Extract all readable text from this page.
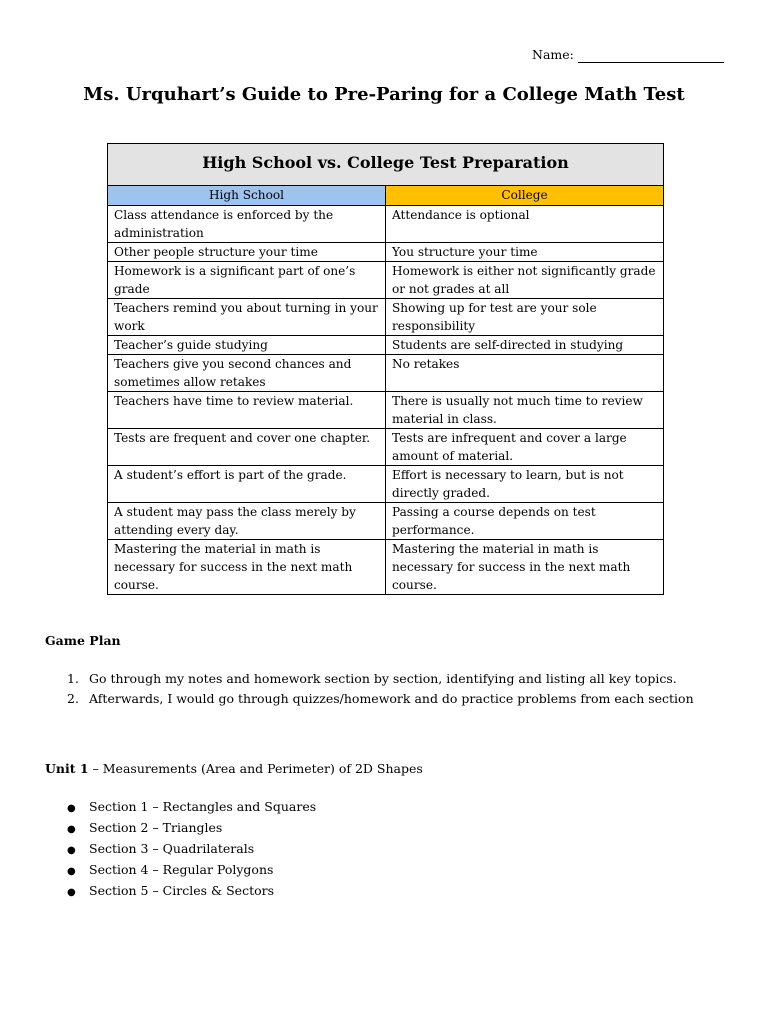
Name:
Ms. Urquhart’s Guide to Pre-Paring for a College Math Test
High School vs. College Test Preparation	
High School	College
Class attendance is enforced by the administration	Attendance is optional
Other people structure your time	You structure your time
Homework is a significant part of one’s grade	Homework is either not significantly grade or not grades at all
Teachers remind you about turning in your work	Showing up for test are your sole responsibility
Teacher’s guide studying	Students are self-directed in studying
Teachers give you second chances and sometimes allow retakes	No retakes
Teachers have time to review material.	There is usually not much time to review material in class.
Tests are frequent and cover one chapter.	Tests are infrequent and cover a large amount of material.
A student’s effort is part of the grade.	Effort is necessary to learn, but is not directly graded.
A student may pass the class merely by attending every day.	Passing a course depends on test performance.
Mastering the material in math is necessary for success in the next math course.	Mastering the material in math is necessary for success in the next math course.
Game Plan
1. Go through my notes and homework section by section, identifying and listing all key topics.
2. Afterwards, I would go through quizzes/homework and do practice problems from each section
Unit 1 – Measurements (Area and Perimeter) of 2D Shapes
● Section 1 – Rectangles and Squares
● Section 2 – Triangles
● Section 3 – Quadrilaterals
● Section 4 – Regular Polygons
● Section 5 – Circles & Sectors
